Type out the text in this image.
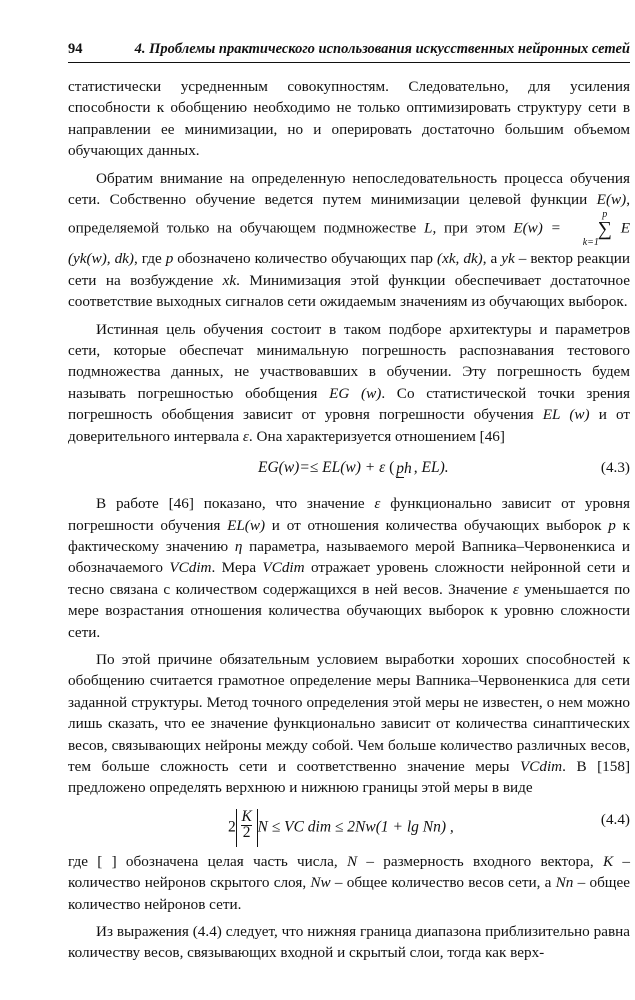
94	4. Проблемы практического использования искусственных нейронных сетей

статистически усредненным совокупностям. Следовательно, для усиления способности к обобщению необходимо не только оптимизировать структуру сети в направлении ее минимизации, но и оперировать достаточно большим объемом обучающих данных.

Обратим внимание на определенную непоследовательность процесса обучения сети. Собственно обучение ведется путем минимизации целевой функции E(w), определяемой только на обучающем подмножестве L, при этом E(w) = p
∑
k=1 E (yk(w), dk), где p обозначено количество обучающих пар (xk, dk), а yk – вектор реакции сети на возбуждение xk. Минимизация этой функции обеспечивает достаточное соответствие выходных сигналов сети ожидаемым значениям из обучающих выборок.

Истинная цель обучения состоит в таком подборе архитектуры и параметров сети, которые обеспечат минимальную погрешность распознавания тестового подмножества данных, не участвовавших в обучении. Эту погрешность будем называть погрешностью обобщения EG (w). Со статистической точки зрения погрешность обобщения зависит от уровня погрешности обучения EL (w) и от доверительного интервала ε. Она характеризуется отношением [46]

EG(w)=≤ EL(w) + ε ( ph , EL).	(4.3)

В работе [46] показано, что значение ε функционально зависит от уровня погрешности обучения EL(w) и от отношения количества обучающих выборок p к фактическому значению η параметра, называемого мерой Вапника–Червоненкиса и обозначаемого VCdim. Мера VCdim отражает уровень сложности нейронной сети и тесно связана с количеством содержащихся в ней весов. Значение ε уменьшается по мере возрастания отношения количества обучающих выборок к уровню сложности сети.

По этой причине обязательным условием выработки хороших способностей к обобщению считается грамотное определение меры Вапника–Червоненкиса для сети заданной структуры. Метод точного определения этой меры не известен, о нем можно лишь сказать, что ее значение функционально зависит от количества синаптических весов, связывающих нейроны между собой. Чем больше количество различных весов, тем больше сложность сети и соответственно значение меры VCdim. В [158] предложено определять верхнюю и нижнюю границы этой меры в виде

$2 \frac{K}{2}$ N ≤ VC dim ≤ 2Nw(1 + lg Nn) ,	(4.4)

где [ ] обозначена целая часть числа, N – размерность входного вектора, K – количество нейронов скрытого слоя, Nw – общее количество весов сети, а Nn – общее количество нейронов сети.

Из выражения (4.4) следует, что нижняя граница диапазона приблизительно равна количеству весов, связывающих входной и скрытый слои, тогда как верх-
